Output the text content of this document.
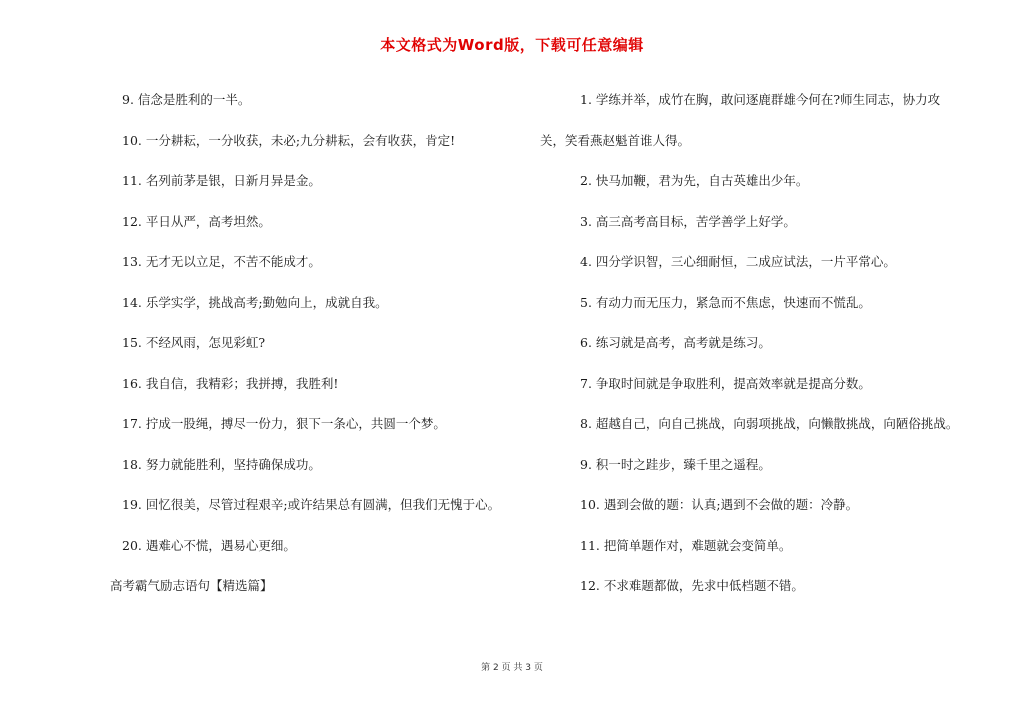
本文格式为Word版，下载可任意编辑

9. 信念是胜利的一半。

10. 一分耕耘，一分收获，未必;九分耕耘，会有收获，肯定!

11. 名列前茅是银，日新月异是金。

12. 平日从严，高考坦然。

13. 无才无以立足，不苦不能成才。

14. 乐学实学，挑战高考;勤勉向上，成就自我。

15. 不经风雨，怎见彩虹?

16. 我自信，我精彩；我拼搏，我胜利!

17. 拧成一股绳，搏尽一份力，狠下一条心，共圆一个梦。

18. 努力就能胜利，坚持确保成功。

19. 回忆很美，尽管过程艰辛;或许结果总有圆满，但我们无愧于心。

20. 遇难心不慌，遇易心更细。

高考霸气励志语句【精选篇】

1. 学练并举，成竹在胸，敢问逐鹿群雄今何在?师生同志，协力攻关，笑看燕赵魁首谁人得。

2. 快马加鞭，君为先，自古英雄出少年。

3. 高三高考高目标，苦学善学上好学。

4. 四分学识智，三心细耐恒，二成应试法，一片平常心。

5. 有动力而无压力，紧急而不焦虑，快速而不慌乱。

6. 练习就是高考，高考就是练习。

7. 争取时间就是争取胜利，提高效率就是提高分数。

8. 超越自己，向自己挑战，向弱项挑战，向懒散挑战，向陋俗挑战。

9. 积一时之跬步，臻千里之遥程。

10. 遇到会做的题：认真;遇到不会做的题：冷静。

11. 把简单题作对，难题就会变简单。

12. 不求难题都做，先求中低档题不错。

第 2 页 共 3 页
